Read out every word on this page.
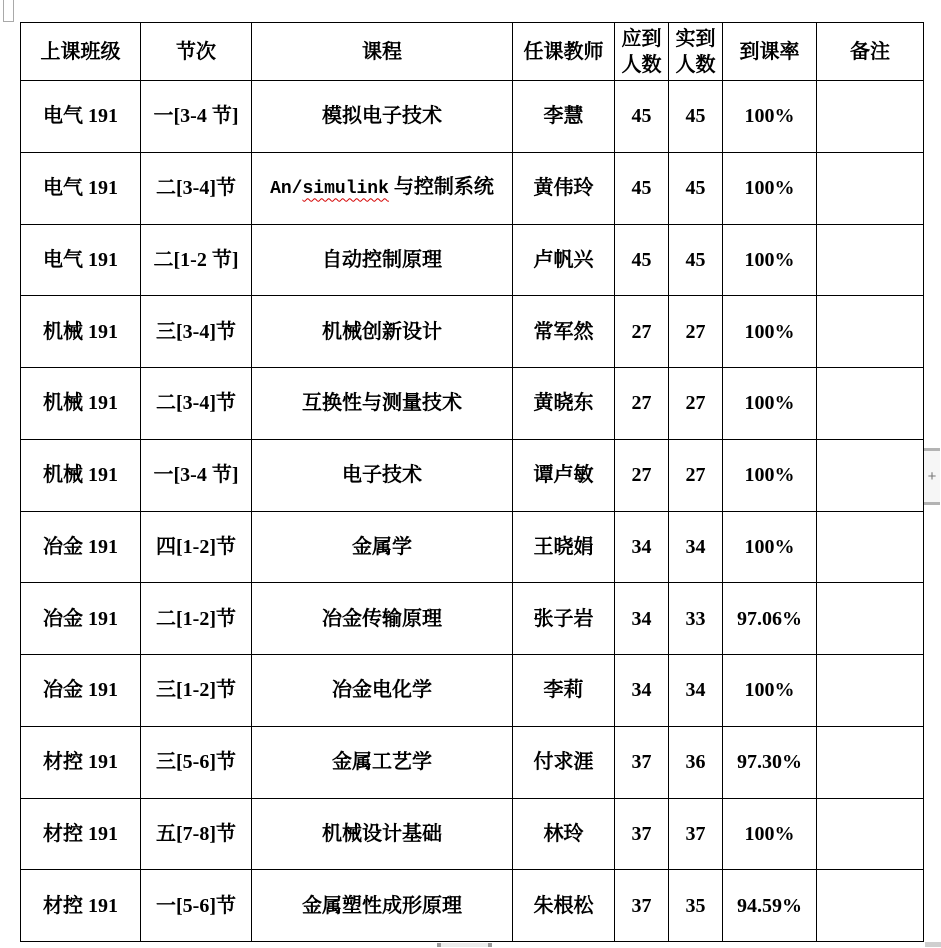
上课班级	节次	课程	任课教师	应到人数	实到人数	到课率	备注
电气 191	一[3-4 节]	模拟电子技术	李慧	45	45	100%	
电气 191	二[3-4]节	An/simulink 与控制系统	黄伟玲	45	45	100%	
电气 191	二[1-2 节]	自动控制原理	卢帆兴	45	45	100%	
机械 191	三[3-4]节	机械创新设计	常军然	27	27	100%	
机械 191	二[3-4]节	互换性与测量技术	黄晓东	27	27	100%	
机械 191	一[3-4 节]	电子技术	谭卢敏	27	27	100%	
冶金 191	四[1-2]节	金属学	王晓娟	34	34	100%	
冶金 191	二[1-2]节	冶金传输原理	张子岩	34	33	97.06%	
冶金 191	三[1-2]节	冶金电化学	李莉	34	34	100%	
材控 191	三[5-6]节	金属工艺学	付求涯	37	36	97.30%	
材控 191	五[7-8]节	机械设计基础	林玲	37	37	100%	
材控 191	一[5-6]节	金属塑性成形原理	朱根松	37	35	94.59%	
+
